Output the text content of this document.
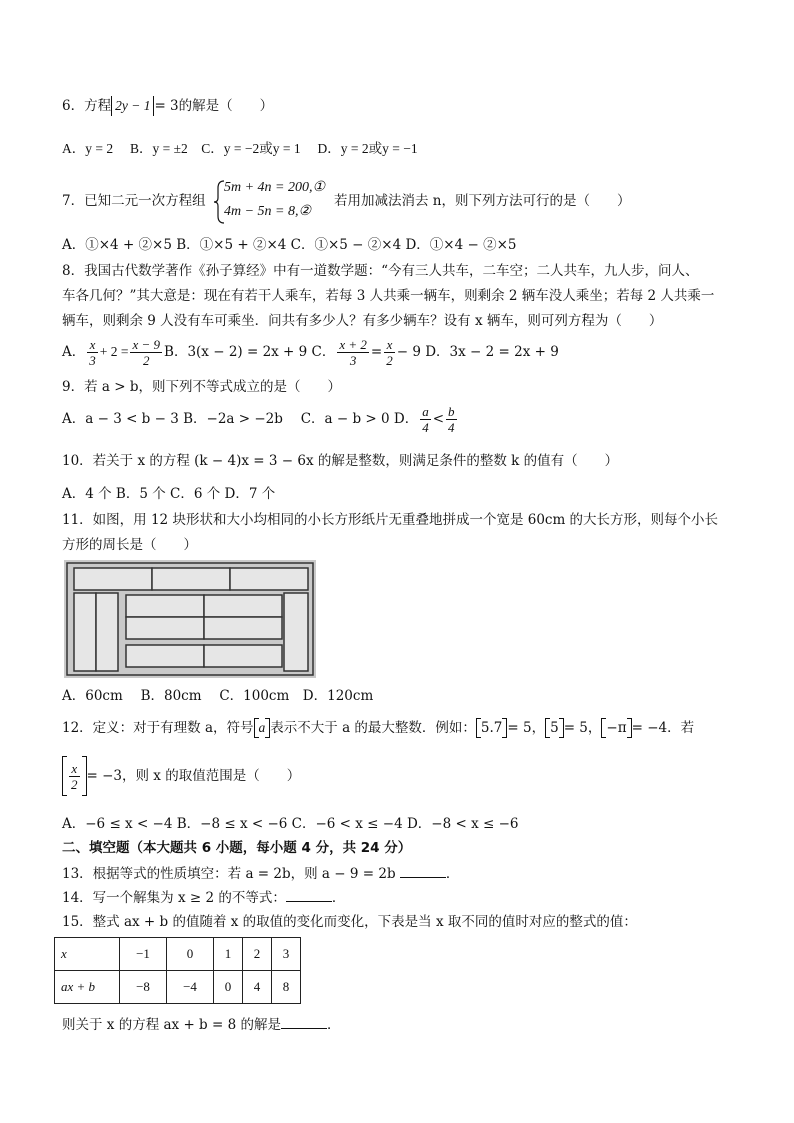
6．方程 2y − 1 = 3的解是（　　）
A．y = 2　 B．y = ±2　C．y = −2或y = 1　 D．y = 2或y = −1
7．已知二元一次方程组
5m + 4n = 200,①
4m − 5n = 8,②
若用加减法消去 n，则下列方法可行的是（　　）
A．①×4 + ②×5 B．①×5 + ②×4 C．①×5 − ②×4 D．①×4 − ②×5
8．我国古代数学著作《孙子算经》中有一道数学题：“今有三人共车，二车空；二人共车，九人步，问人、
车各几何？”其大意是：现在有若干人乘车，若每 3 人共乘一辆车，则剩余 2 辆车没人乘坐；若每 2 人共乘一
辆车，则剩余 9 人没有车可乘坐．问共有多少人？有多少辆车？设有 x 辆车，则可列方程为（　　）
A． $\frac{x}{3} + 2 = \frac{x - 9}{2}$ B．3(x − 2) = 2x + 9 C． $\frac{x + 2}{3} = \frac{x}{2} - 9$ D．3x − 2 = 2x + 9
9．若 a > b，则下列不等式成立的是（　　）
A．a − 3 < b − 3 B．−2a > −2b　 C．a − b > 0 D． $\frac{a}{4} < \frac{b}{4}$
10．若关于 x 的方程 (k − 4)x = 3 − 6x 的解是整数，则满足条件的整数 k 的值有（　　）
A．4 个 B．5 个 C．6 个 D．7 个
11．如图，用 12 块形状和大小均相同的小长方形纸片无重叠地拼成一个宽是 60cm 的大长方形，则每个小长
方形的周长是（　　）
A．60cm　 B．80cm　 C．100cm　D．120cm
12．定义：对于有理数 a，符号 a 表示不大于 a 的最大整数．例如： 5.7 = 5， 5 = 5， −π = −4．若
$\frac{x}{2} = -3$，则 x 的取值范围是（　　）
A．−6 ≤ x < −4 B．−8 ≤ x < −6 C．−6 < x ≤ −4 D．−8 < x ≤ −6
二、填空题（本大题共 6 小题，每小题 4 分，共 24 分）
13．根据等式的性质填空：若 a = 2b，则 a − 9 = 2b	．
14．写一个解集为 x ≥ 2 的不等式：	．
15．整式 ax + b 的值随着 x 的取值的变化而变化，下表是当 x 取不同的值时对应的整式的值：
x	−1	0	1	2	3
ax + b	−8	−4	0	4	8
则关于 x 的方程 ax + b = 8 的解是	．
